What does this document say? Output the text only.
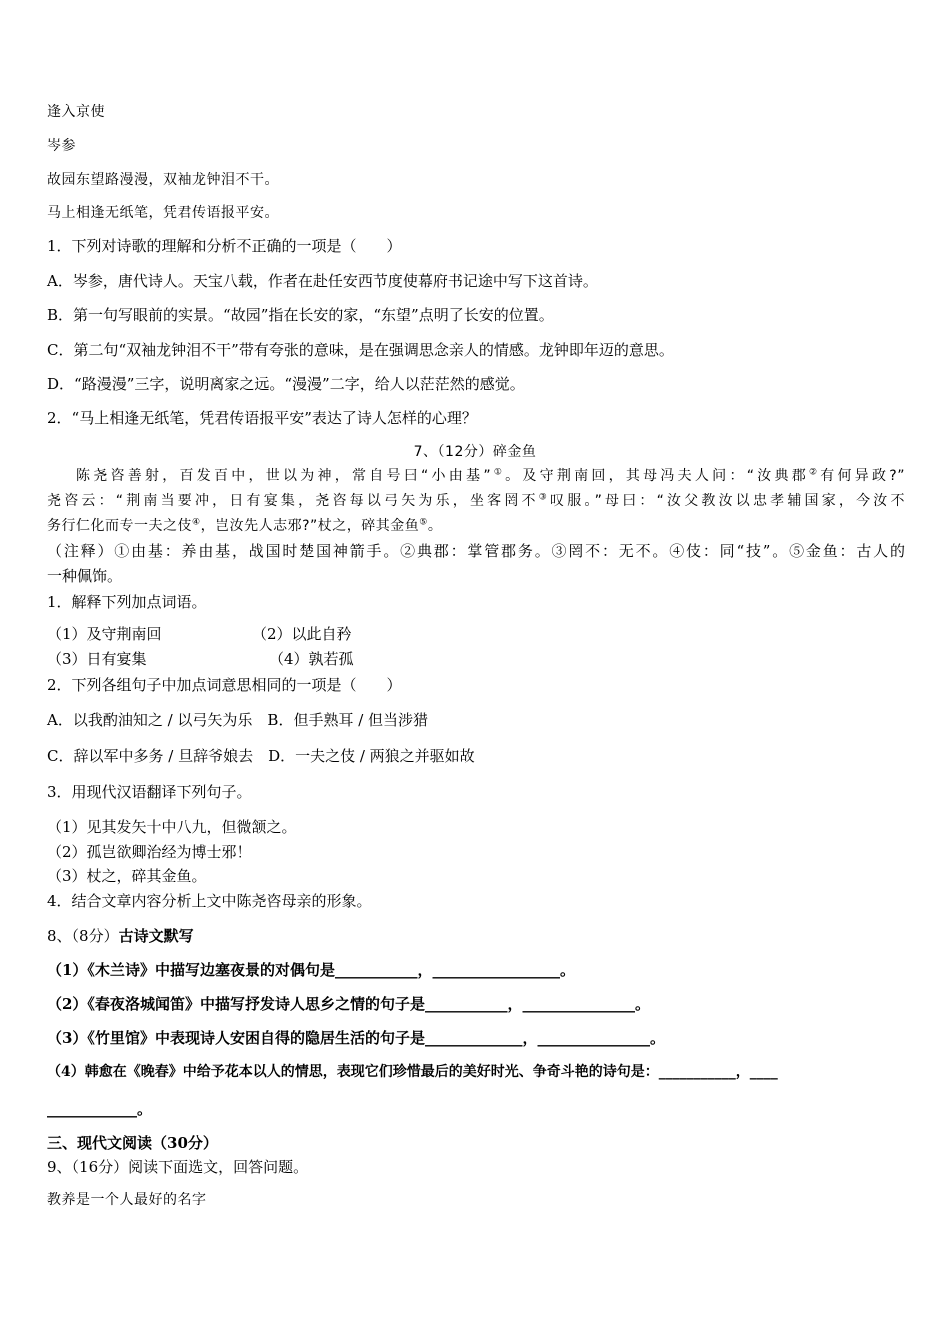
逢入京使
岑参
故园东望路漫漫，双袖龙钟泪不干。
马上相逢无纸笔，凭君传语报平安。
1．下列对诗歌的理解和分析不正确的一项是（　　）
A．岑参，唐代诗人。天宝八载，作者在赴任安西节度使幕府书记途中写下这首诗。
B．第一句写眼前的实景。“故园”指在长安的家，“东望”点明了长安的位置。
C．第二句“双袖龙钟泪不干”带有夸张的意味，是在强调思念亲人的情感。龙钟即年迈的意思。
D．“路漫漫”三字，说明离家之远。“漫漫”二字，给人以茫茫然的感觉。
2．“马上相逢无纸笔，凭君传语报平安”表达了诗人怎样的心理？
7、（12分）碎金鱼
陈尧咨善射，百发百中，世以为神，常自号曰“小由基”①。及守荆南回，其母冯夫人问：“汝典郡②有何异政?”
尧咨云：“荆南当要冲，日有宴集，尧咨每以弓矢为乐，坐客罔不③叹服。”母曰：“汝父教汝以忠孝辅国家，今汝不
务行仁化而专一夫之伎④，岂汝先人志邪?”杖之，碎其金鱼⑤。
（注释）①由基：养由基，战国时楚国神箭手。②典郡：掌管郡务。③罔不：无不。④伎：同“技”。⑤金鱼：古人的
一种佩饰。
1．解释下列加点词语。
（1）及守荆南回	（2）以此自矜
（3）日有宴集	（4）孰若孤
2．下列各组句子中加点词意思相同的一项是（　　）
A．以我酌油知之 / 以弓矢为乐　B．但手熟耳 / 但当涉猎
C．辞以军中多务 / 旦辞爷娘去　D．一夫之伎 / 两狼之并驱如故
3．用现代汉语翻译下列句子。
（1）见其发矢十中八九，但微颔之。
（2）孤岂欲卿治经为博士邪！
（3）杖之，碎其金鱼。
4．结合文章内容分析上文中陈尧咨母亲的形象。
8、（8分）古诗文默写
（1）《木兰诗》中描写边塞夜景的对偶句是___________，_________________。
（2）《春夜洛城闻笛》中描写抒发诗人思乡之情的句子是___________，_______________。
（3）《竹里馆》中表现诗人安困自得的隐居生活的句子是_____________，_______________。
（4）韩愈在《晚春》中给予花本以人的情思，表现它们珍惜最后的美好时光、争奇斗艳的诗句是：___________，____
____________。
三、现代文阅读（30分）
9、（16分）阅读下面选文，回答问题。
教养是一个人最好的名字
